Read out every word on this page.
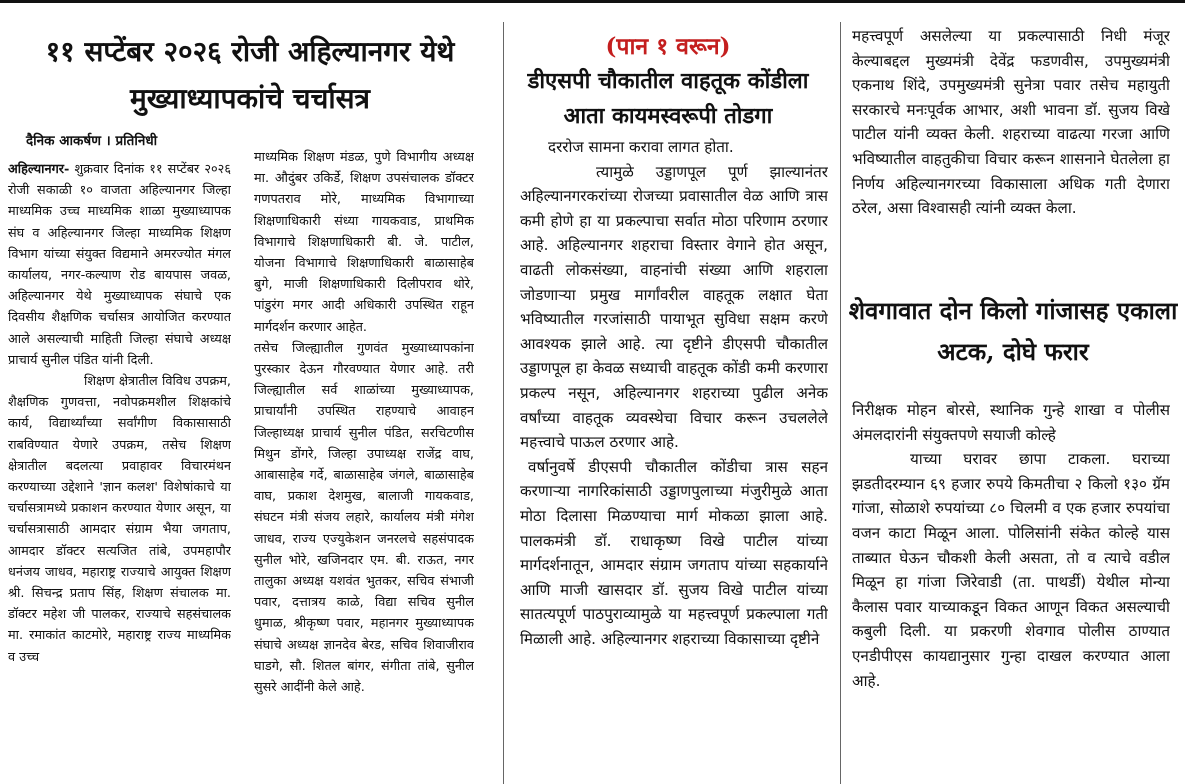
११ सप्टेंबर २०२६ रोजी अहिल्यानगर येथे मुख्याध्यापकांचे चर्चासत्र
दैनिक आकर्षण । प्रतिनिधी

अहिल्यानगर- शुक्रवार दिनांक ११ सप्टेंबर २०२६ रोजी सकाळी १० वाजता अहिल्यानगर जिल्हा माध्यमिक उच्च माध्यमिक शाळा मुख्याध्यापक संघ व अहिल्यानगर जिल्हा माध्यमिक शिक्षण विभाग यांच्या संयुक्त विद्यमाने अमरज्योत मंगल कार्यालय, नगर-कल्याण रोड बायपास जवळ, अहिल्यानगर येथे मुख्याध्यापक संघाचे एक दिवसीय शैक्षणिक चर्चासत्र आयोजित करण्यात आले असल्याची माहिती जिल्हा संघाचे अध्यक्ष प्राचार्य सुनील पंडित यांनी दिली.

शिक्षण क्षेत्रातील विविध उपक्रम, शैक्षणिक गुणवत्ता, नवोपक्रमशील शिक्षकांचे कार्य, विद्यार्थ्यांच्या सर्वांगीण विकासासाठी राबविण्यात येणारे उपक्रम, तसेच शिक्षण क्षेत्रातील बदलत्या प्रवाहावर विचारमंथन करण्याच्या उद्देशाने 'ज्ञान कलश' विशेषांकाचे या चर्चासत्रामध्ये प्रकाशन करण्यात येणार असून, या चर्चासत्रासाठी आमदार संग्राम भैया जगताप, आमदार डॉक्टर सत्यजित तांबे, उपमहापौर धनंजय जाधव, महाराष्ट्र राज्याचे आयुक्त शिक्षण श्री. सिचन्द्र प्रताप सिंह, शिक्षण संचालक मा. डॉक्टर महेश जी पालकर, राज्याचे सहसंचालक मा. रमाकांत काटमोरे, महाराष्ट्र राज्य माध्यमिक व उच्च

माध्यमिक शिक्षण मंडळ, पुणे विभागीय अध्यक्ष मा. औदुंबर उकिर्डे, शिक्षण उपसंचालक डॉक्टर गणपतराव मोरे, माध्यमिक विभागाच्या शिक्षणाधिकारी संध्या गायकवाड, प्राथमिक विभागाचे शिक्षणाधिकारी बी. जे. पाटील, योजना विभागाचे शिक्षणाधिकारी बाळासाहेब बुगे, माजी शिक्षणाधिकारी दिलीपराव थोरे, पांडुरंग मगर आदी अधिकारी उपस्थित राहून मार्गदर्शन करणार आहेत.

तसेच जिल्ह्यातील गुणवंत मुख्याध्यापकांना पुरस्कार देऊन गौरवण्यात येणार आहे. तरी जिल्ह्यातील सर्व शाळांच्या मुख्याध्यापक, प्राचार्यांनी उपस्थित राहण्याचे आवाहन जिल्हाध्यक्ष प्राचार्य सुनील पंडित, सरचिटणीस मिथुन डोंगरे, जिल्हा उपाध्यक्ष राजेंद्र वाघ, आबासाहेब गर्दे, बाळासाहेब जंगले, बाळासाहेब वाघ, प्रकाश देशमुख, बालाजी गायकवाड, संघटन मंत्री संजय लहारे, कार्यालय मंत्री मंगेश जाधव, राज्य एज्युकेशन जनरलचे सहसंपादक सुनील भोरे, खजिनदार एम. बी. राऊत, नगर तालुका अध्यक्ष यशवंत भुतकर, सचिव संभाजी पवार, दत्तात्रय काळे, विद्या सचिव सुनील धुमाळ, श्रीकृष्ण पवार, महानगर मुख्याध्यापक संघाचे अध्यक्ष ज्ञानदेव बेरड, सचिव शिवाजीराव घाडगे, सौ. शितल बांगर, संगीता तांबे, सुनील सुसरे आदींनी केले आहे.

(पान १ वरून)
डीएसपी चौकातील वाहतूक कोंडीला आता कायमस्वरूपी तोडगा

दररोज सामना करावा लागत होता.

त्यामुळे उड्डाणपूल पूर्ण झाल्यानंतर अहिल्यानगरकरांच्या रोजच्या प्रवासातील वेळ आणि त्रास कमी होणे हा या प्रकल्पाचा सर्वात मोठा परिणाम ठरणार आहे. अहिल्यानगर शहराचा विस्तार वेगाने होत असून, वाढती लोकसंख्या, वाहनांची संख्या आणि शहराला जोडणाऱ्या प्रमुख मार्गांवरील वाहतूक लक्षात घेता भविष्यातील गरजांसाठी पायाभूत सुविधा सक्षम करणे आवश्यक झाले आहे. त्या दृष्टीने डीएसपी चौकातील उड्डाणपूल हा केवळ सध्याची वाहतूक कोंडी कमी करणारा प्रकल्प नसून, अहिल्यानगर शहराच्या पुढील अनेक वर्षांच्या वाहतूक व्यवस्थेचा विचार करून उचललेले महत्त्वाचे पाऊल ठरणार आहे.

वर्षानुवर्षे डीएसपी चौकातील कोंडीचा त्रास सहन करणाऱ्या नागरिकांसाठी उड्डाणपुलाच्या मंजुरीमुळे आता मोठा दिलासा मिळण्याचा मार्ग मोकळा झाला आहे. पालकमंत्री डॉ. राधाकृष्ण विखे पाटील यांच्या मार्गदर्शनातून, आमदार संग्राम जगताप यांच्या सहकार्याने आणि माजी खासदार डॉ. सुजय विखे पाटील यांच्या सातत्यपूर्ण पाठपुराव्यामुळे या महत्त्वपूर्ण प्रकल्पाला गती मिळाली आहे. अहिल्यानगर शहराच्या विकासाच्या दृष्टीने

महत्त्वपूर्ण असलेल्या या प्रकल्पासाठी निधी मंजूर केल्याबद्दल मुख्यमंत्री देवेंद्र फडणवीस, उपमुख्यमंत्री एकनाथ शिंदे, उपमुख्यमंत्री सुनेत्रा पवार तसेच महायुती सरकारचे मनःपूर्वक आभार, अशी भावना डॉ. सुजय विखे पाटील यांनी व्यक्त केली. शहराच्या वाढत्या गरजा आणि भविष्यातील वाहतुकीचा विचार करून शासनाने घेतलेला हा निर्णय अहिल्यानगरच्या विकासाला अधिक गती देणारा ठरेल, असा विश्वासही त्यांनी व्यक्त केला.

शेवगावात दोन किलो गांजासह एकाला अटक, दोघे फरार

निरीक्षक मोहन बोरसे, स्थानिक गुन्हे शाखा व पोलीस अंमलदारांनी संयुक्तपणे सयाजी कोल्हे

याच्या घरावर छापा टाकला. घराच्या झडतीदरम्यान ६९ हजार रुपये किमतीचा २ किलो १३० ग्रॅम गांजा, सोळाशे रुपयांच्या ८० चिलमी व एक हजार रुपयांचा वजन काटा मिळून आला. पोलिसांनी संकेत कोल्हे यास ताब्यात घेऊन चौकशी केली असता, तो व त्याचे वडील मिळून हा गांजा जिरेवाडी (ता. पाथर्डी) येथील मोन्या कैलास पवार याच्याकडून विकत आणून विकत असल्याची कबुली दिली. या प्रकरणी शेवगाव पोलीस ठाण्यात एनडीपीएस कायद्यानुसार गुन्हा दाखल करण्यात आला आहे.
